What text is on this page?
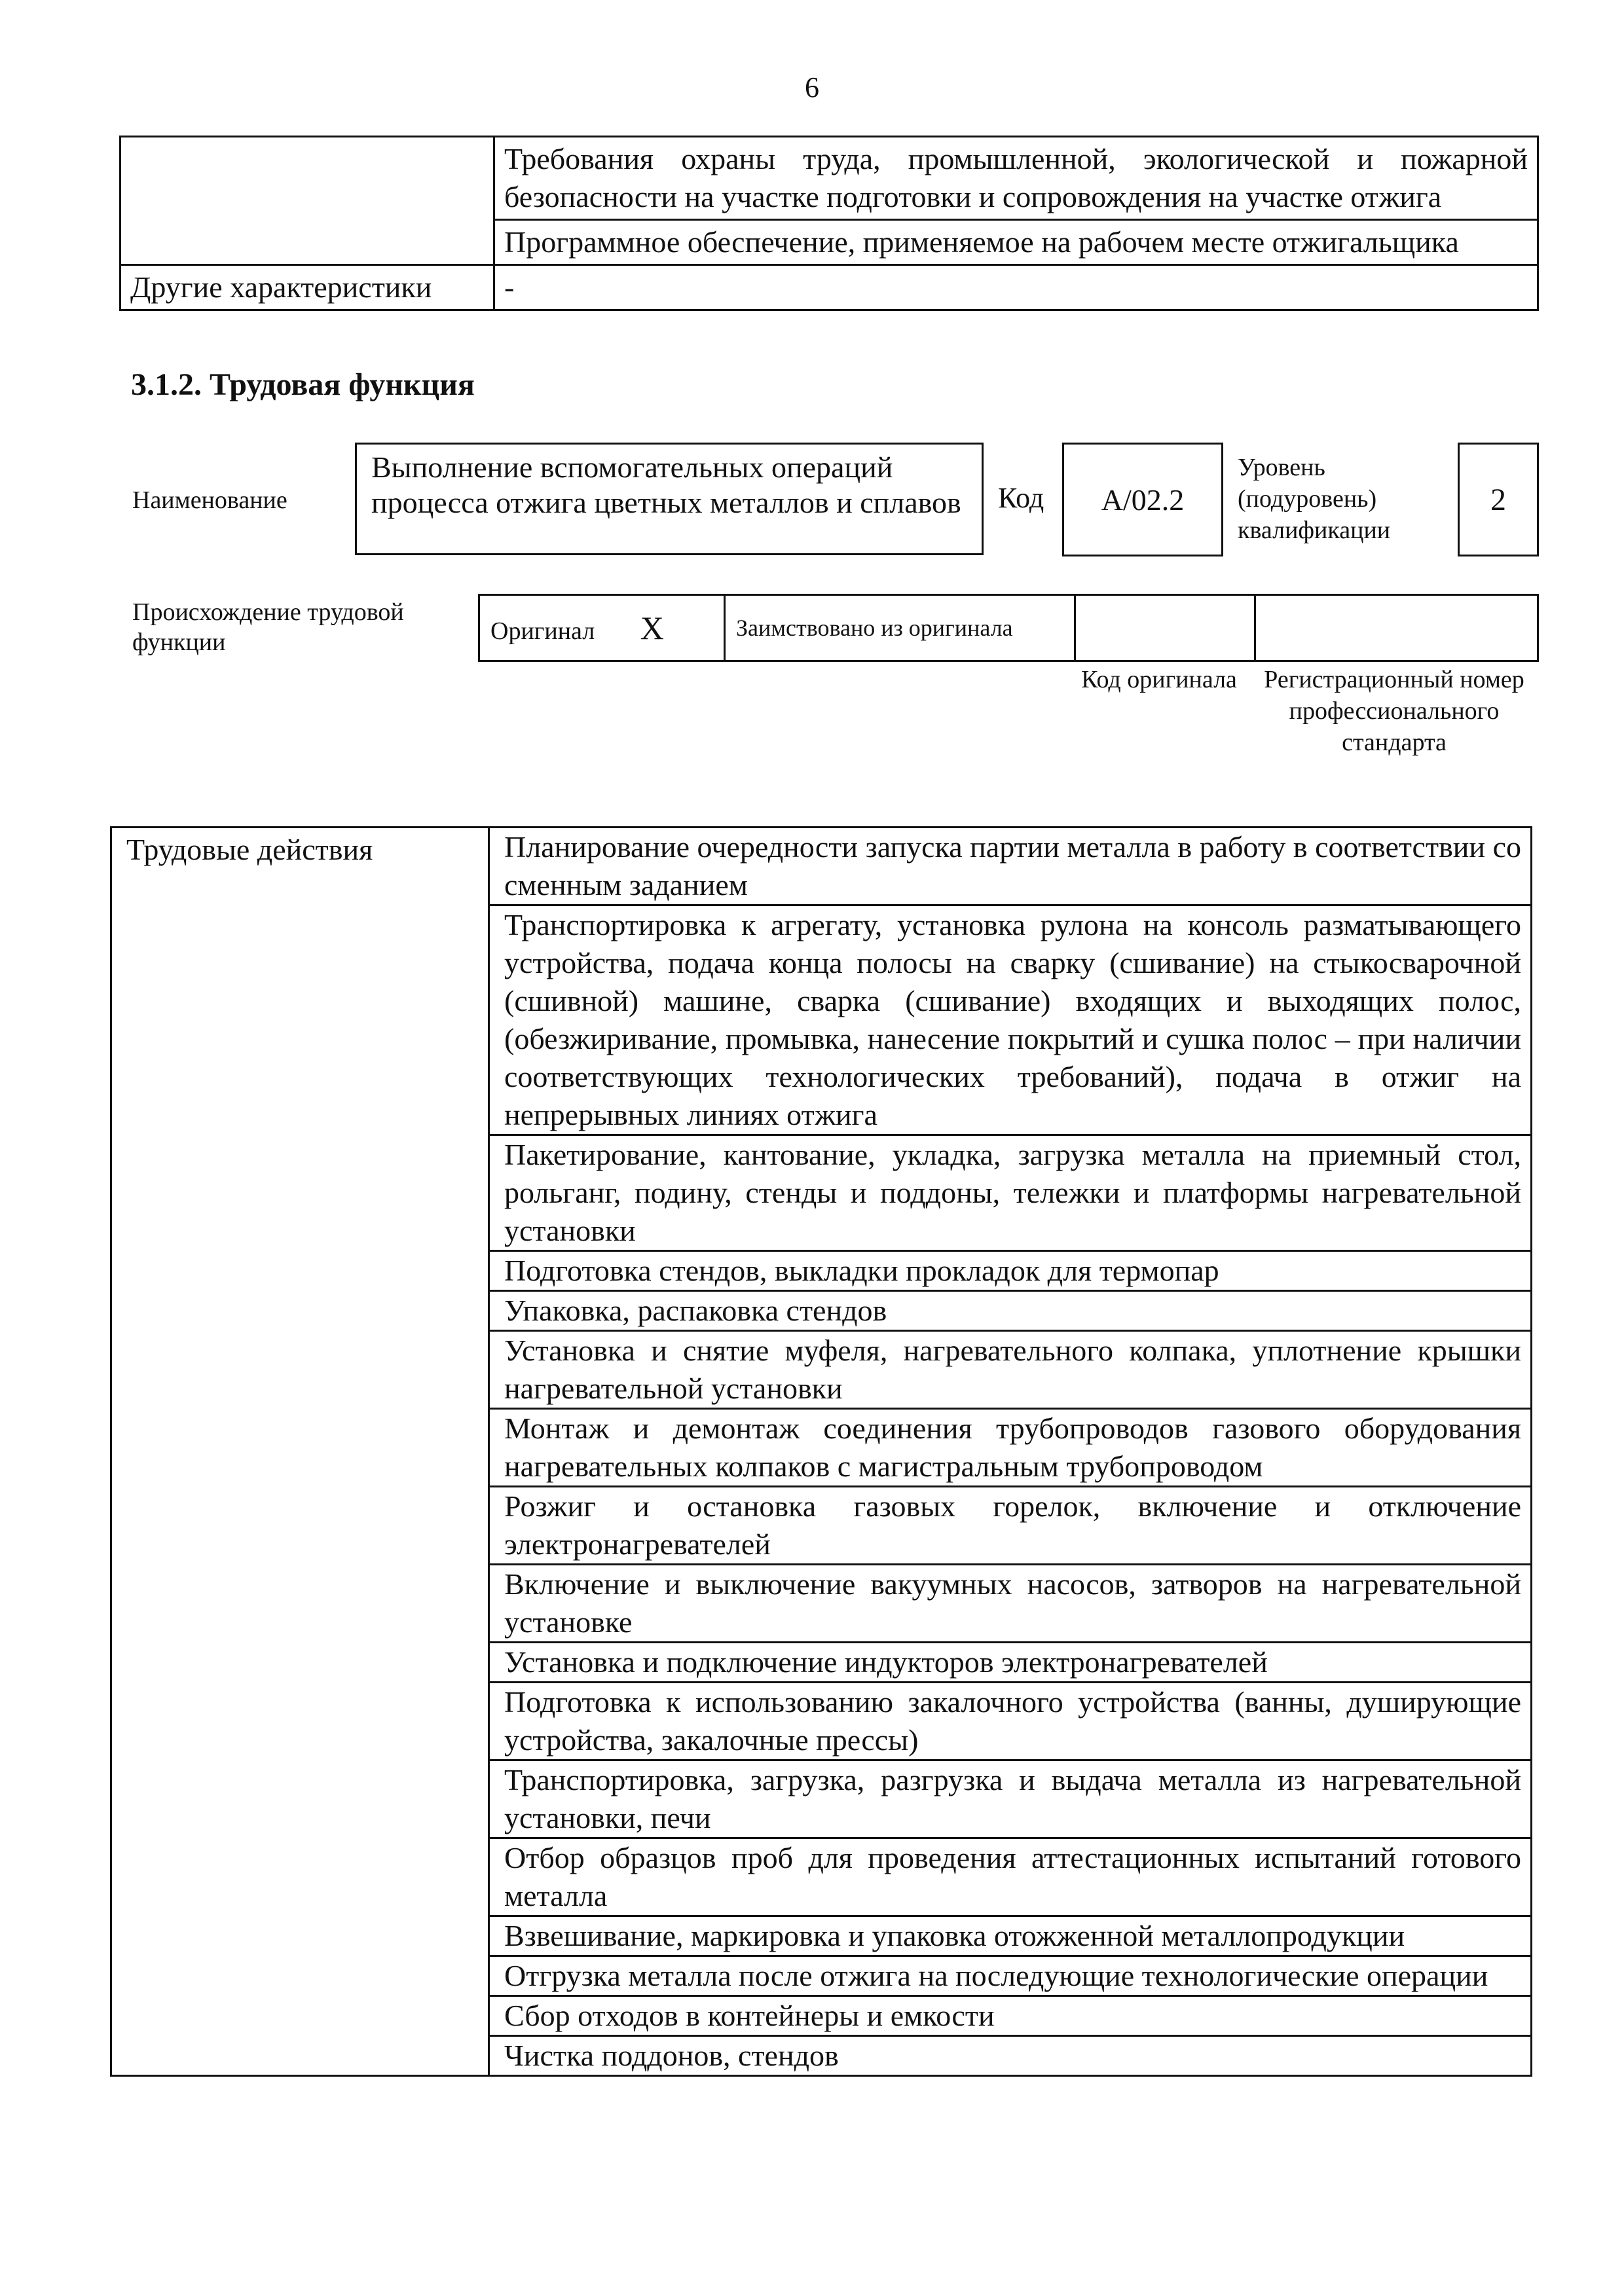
6
	Требования охраны труда, промышленной, экологической и пожарной безопасности на участке подготовки и сопровождения на участке отжига
	Программное обеспечение, применяемое на рабочем месте отжигальщика
Другие характеристики	-
3.1.2. Трудовая функция
Наименование
Выполнение вспомогательных операций процесса отжига цветных металлов и сплавов	Код	А/02.2
Уровень (подуровень) квалификации
2
Происхождение трудовой функции	Оригинал X	Заимствовано из оригинала		
Код оригинала	Регистрационный номер профессионального стандарта
Трудовые действия	Планирование очередности запуска партии металла в работу в соответствии со сменным заданием
Транспортировка к агрегату, установка рулона на консоль разматывающего устройства, подача конца полосы на сварку (сшивание) на стыкосварочной (сшивной) машине, сварка (сшивание) входящих и выходящих полос, (обезжиривание, промывка, нанесение покрытий и сушка полос – при наличии соответствующих технологических требований), подача в отжиг на непрерывных линиях отжига
Пакетирование, кантование, укладка, загрузка металла на приемный стол, рольганг, подину, стенды и поддоны, тележки и платформы нагревательной установки
Подготовка стендов, выкладки прокладок для термопар
Упаковка, распаковка стендов
Установка и снятие муфеля, нагревательного колпака, уплотнение крышки нагревательной установки
Монтаж и демонтаж соединения трубопроводов газового оборудования нагревательных колпаков с магистральным трубопроводом
Розжиг и остановка газовых горелок, включение и отключение электронагревателей
Включение и выключение вакуумных насосов, затворов на нагревательной установке
Установка и подключение индукторов электронагревателей
Подготовка к использованию закалочного устройства (ванны, душирующие устройства, закалочные прессы)
Транспортировка, загрузка, разгрузка и выдача металла из нагревательной установки, печи
Отбор образцов проб для проведения аттестационных испытаний готового металла
Взвешивание, маркировка и упаковка отожженной металлопродукции
Отгрузка металла после отжига на последующие технологические операции
Сбор отходов в контейнеры и емкости
Чистка поддонов, стендов
